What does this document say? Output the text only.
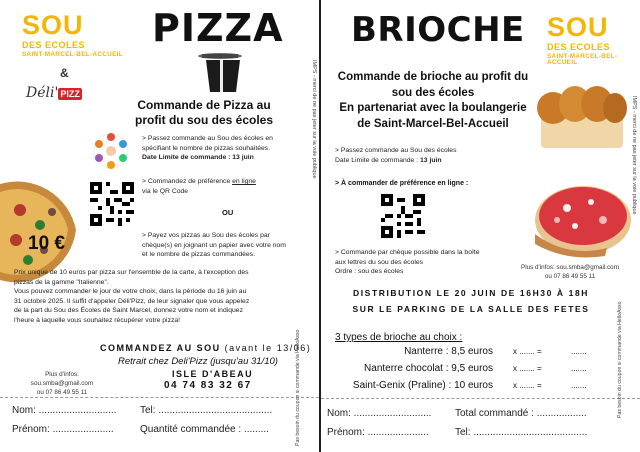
SOU
DES ECOLES
SAINT-MARCEL-BEL-ACCUEIL
&
Déli' PIZZ
PIZZA
Commande de Pizza au
profit du sou des écoles
> Passez commande au Sou des écoles en
spécifiant le nombre de pizzas souhaitées.
Date Limite de commande : 13 juin
> Commandez de préférence en ligne
via le QR Code
OU
> Payez vos pizzas au Sou des écoles par
chèque(s) en joignant un papier avec votre nom
et le nombre de pizzas commandées.
10 €
Prix unique de 10 euros par pizza sur l'ensemble de la carte, à l'exception des
pizzas de la gamme "Italienne".
Vous pouvez commander le jour de votre choix, dans la période du 16 juin au
31 octobre 2025. Il suffit d'appeler Déli'Pizz, de leur signaler que vous appelez
de la part du Sou des Écoles de Saint Marcel, donnez votre nom et indiquez
l'heure à laquelle vous souhaitez récupérer votre pizza!
COMMANDEZ AU SOU (avant le 13/06)
Retrait chez Deli'Pizz (jusqu'au 31/10)
Plus d'infos: sou.smba@gmail.com
ou 07 86 49 55 11
ISLE D'ABEAU
04 74 83 32 67
Nom: ............................ Tel: .........................................
Prénom: ......................	Quantité commandée : .........	Pas besoin du coupon si commande via HelloAsso
IMPS - merci de ne pas jeter sur la voie publique
BRIOCHE SOU
DES ECOLES
SAINT-MARCEL-BEL-ACCUEIL
Commande de brioche au profit du
sou des écoles
En partenariat avec la boulangerie
de Saint-Marcel-Bel-Accueil
> Passez commande au Sou des écoles
Date Limite de commande : 13 juin
> À commander de préférence en ligne :
> Commande par chèque possible dans la boîte
aux lettres du sou des écoles
Ordre : sou des écoles
Plus d'infos: sou.smba@gmail.com
ou 07 86 49 55 11
DISTRIBUTION LE 20 JUIN DE 16H30 À 18H
SUR LE PARKING DE LA SALLE DES FETES
3 types de brioche au choix :
Nanterre : 8,5 euros	x ....... =	.......
Nanterre chocolat : 9,5 euros	x ....... =	.......
Saint-Genix (Praline) : 10 euros	x ....... =	.......
Nom: ............................ Total commandé : ..................
Prénom: ......................	Tel: .........................................
Pas besoin du coupon si commande via HelloAsso
IMPS - merci de ne pas jeter sur la voie publique
